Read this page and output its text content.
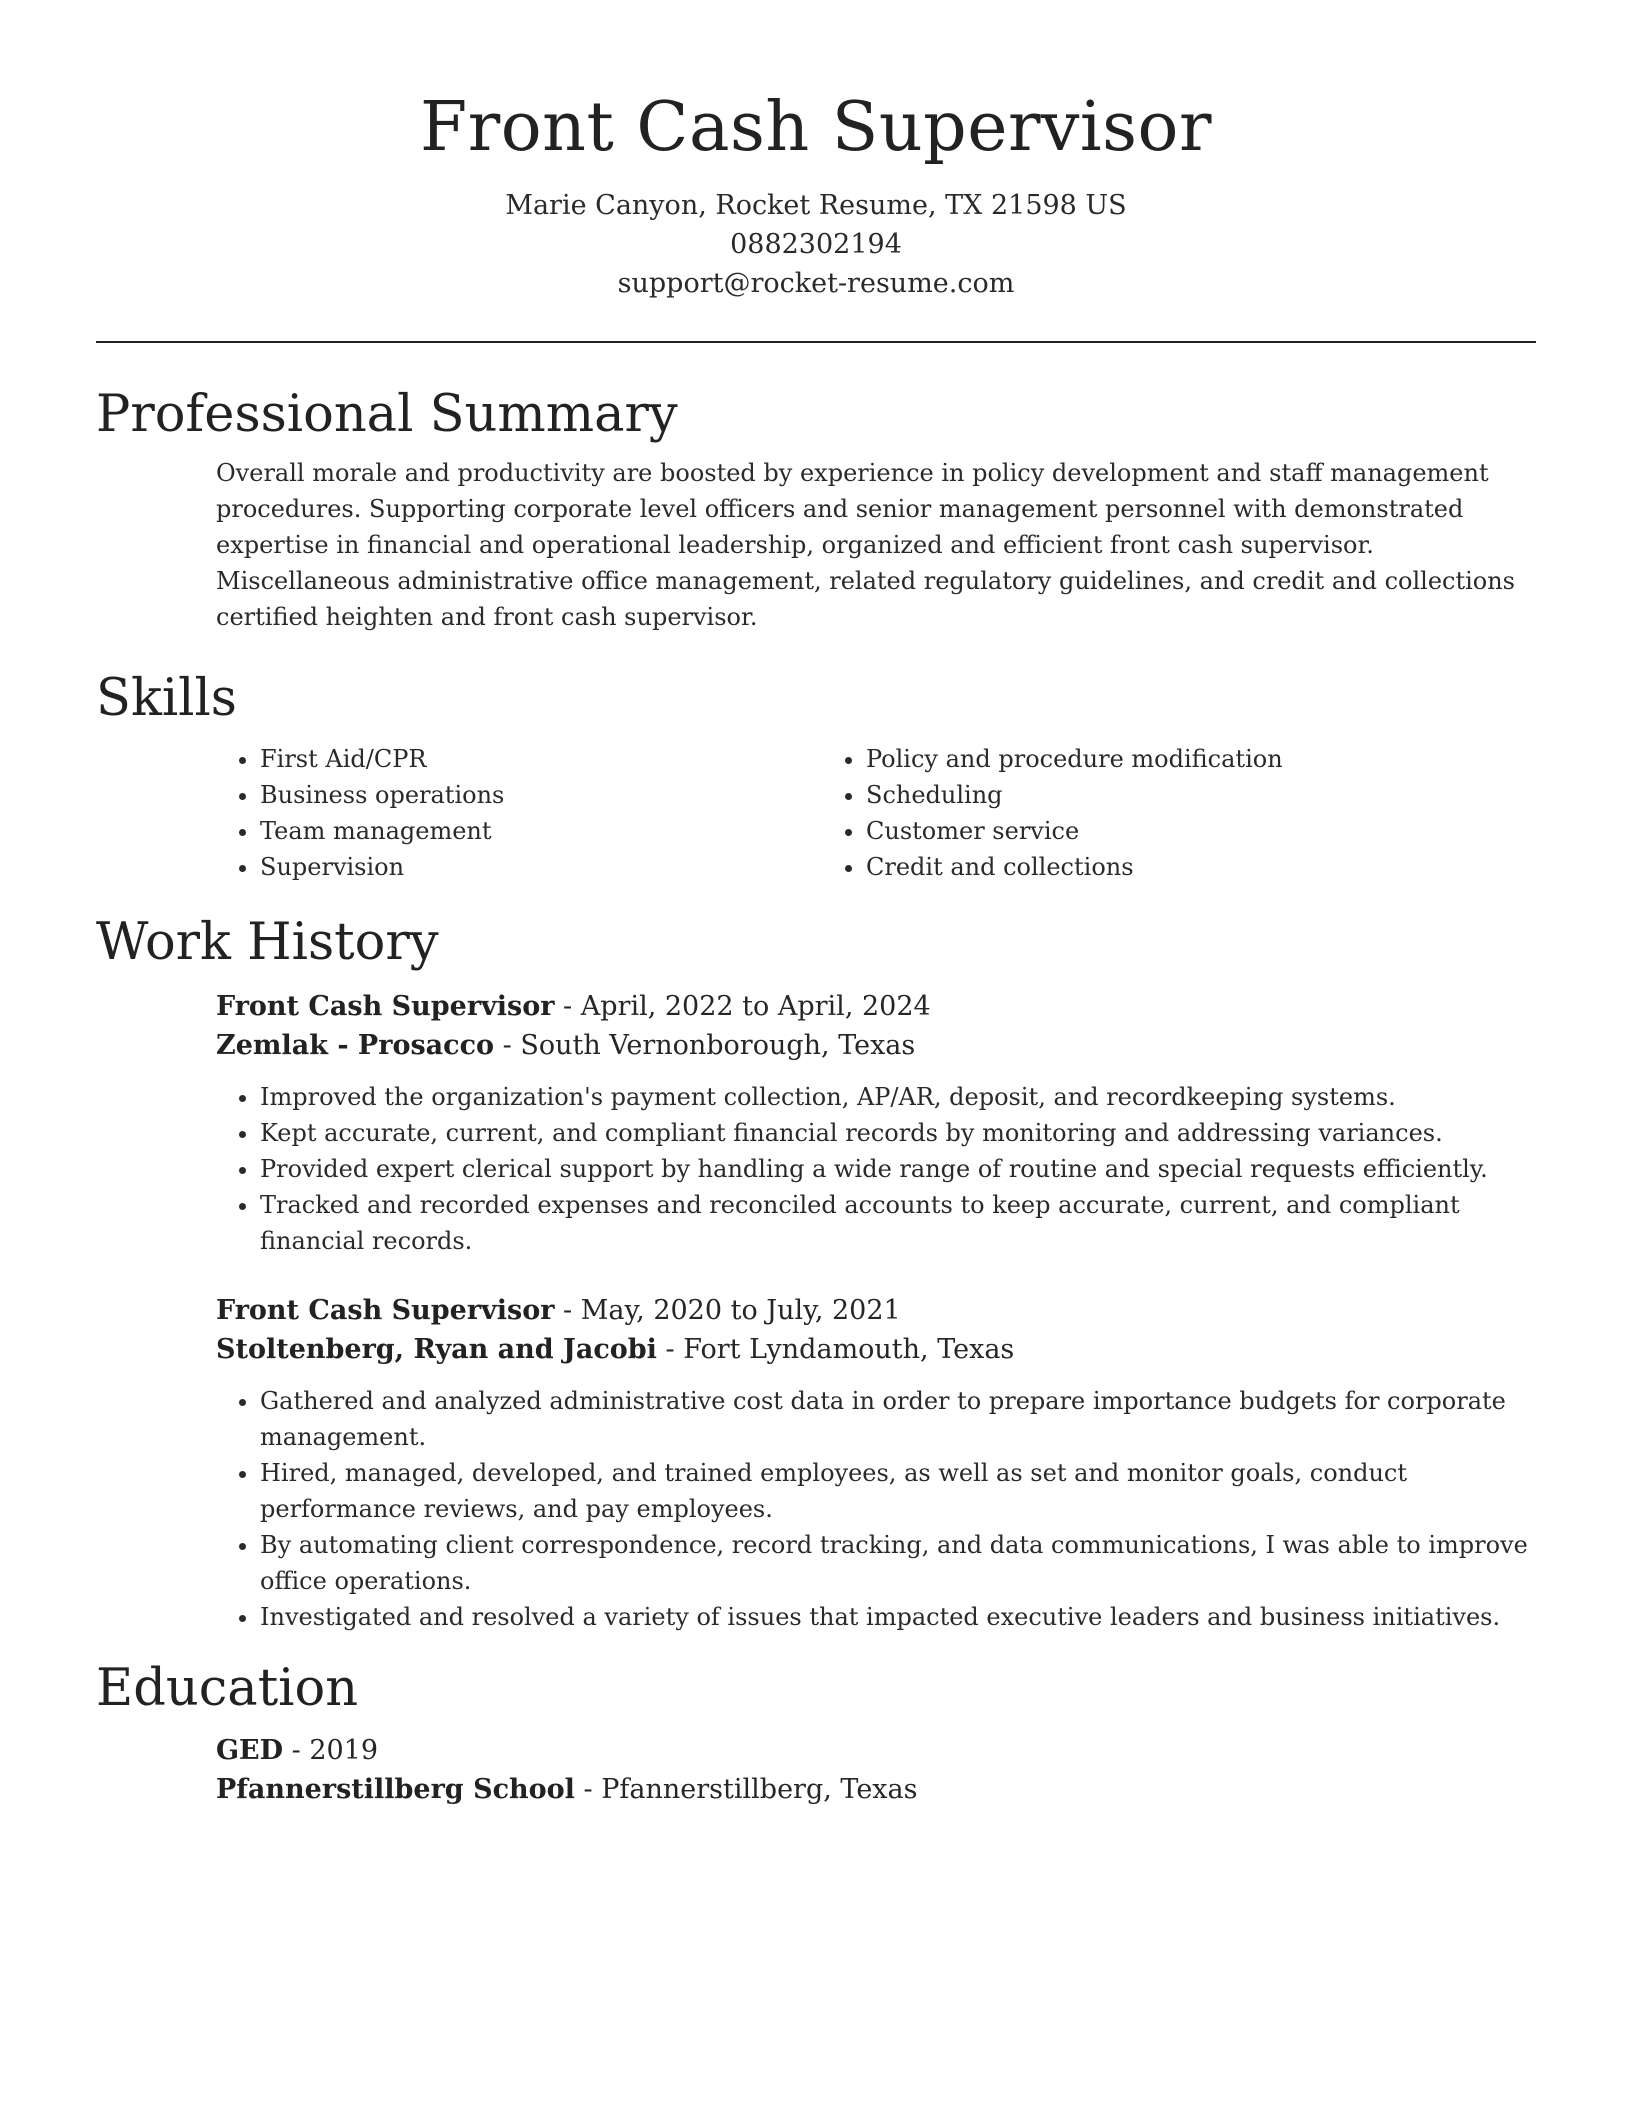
Front Cash Supervisor
Marie Canyon, Rocket Resume, TX 21598 US
0882302194
support@rocket-resume.com
Professional Summary
Overall morale and productivity are boosted by experience in policy development and staff management procedures. Supporting corporate level officers and senior management personnel with demonstrated expertise in financial and operational leadership, organized and efficient front cash supervisor. Miscellaneous administrative office management, related regulatory guidelines, and credit and collections certified heighten and front cash supervisor.
Skills
• First Aid/CPR
• Business operations
• Team management
• Supervision
• Policy and procedure modification
• Scheduling
• Customer service
• Credit and collections
Work History
Front Cash Supervisor - April, 2022 to April, 2024
Zemlak - Prosacco - South Vernonborough, Texas
• Improved the organization's payment collection, AP/AR, deposit, and recordkeeping systems.
• Kept accurate, current, and compliant financial records by monitoring and addressing variances.
• Provided expert clerical support by handling a wide range of routine and special requests efficiently.
• Tracked and recorded expenses and reconciled accounts to keep accurate, current, and compliant financial records.
Front Cash Supervisor - May, 2020 to July, 2021
Stoltenberg, Ryan and Jacobi - Fort Lyndamouth, Texas
• Gathered and analyzed administrative cost data in order to prepare importance budgets for corporate management.
• Hired, managed, developed, and trained employees, as well as set and monitor goals, conduct performance reviews, and pay employees.
• By automating client correspondence, record tracking, and data communications, I was able to improve office operations.
• Investigated and resolved a variety of issues that impacted executive leaders and business initiatives.
Education
GED - 2019
Pfannerstillberg School - Pfannerstillberg, Texas
